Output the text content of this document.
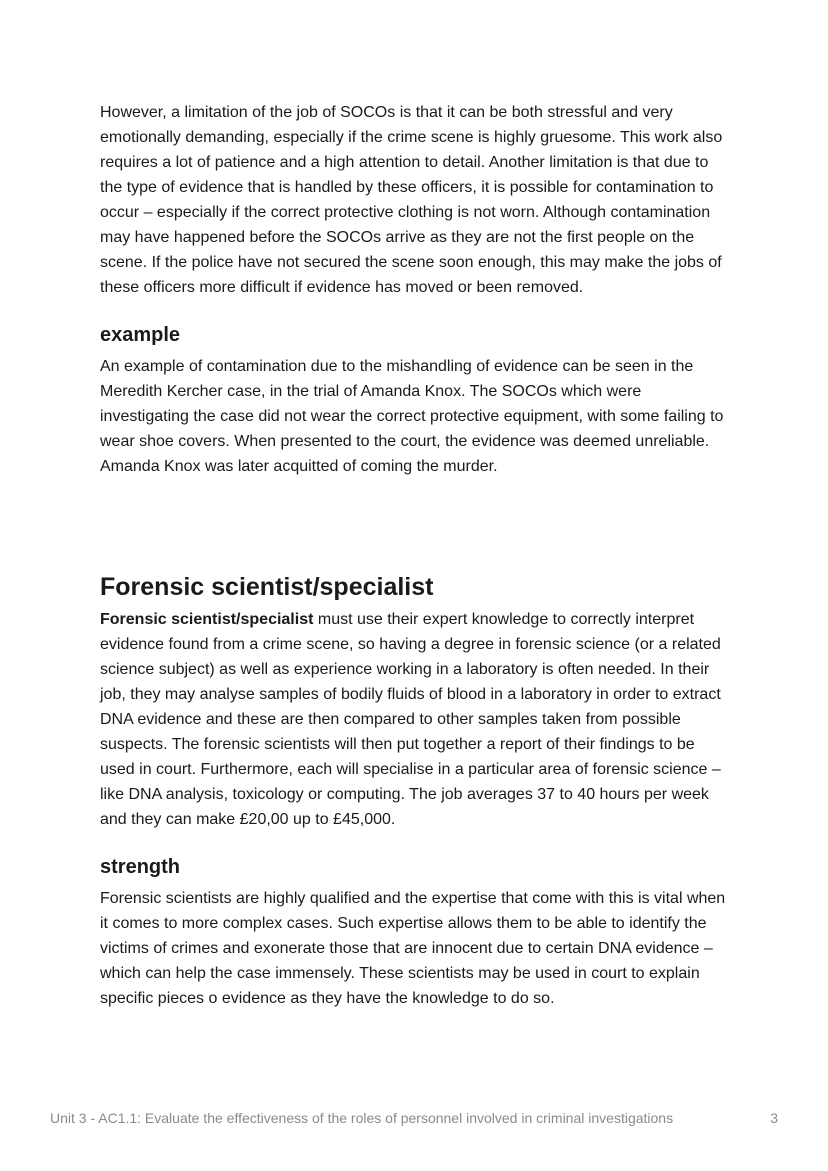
However, a limitation of the job of SOCOs is that it can be both stressful and very emotionally demanding, especially if the crime scene is highly gruesome. This work also requires a lot of patience and a high attention to detail. Another limitation is that due to the type of evidence that is handled by these officers, it is possible for contamination to occur – especially if the correct protective clothing is not worn. Although contamination may have happened before the SOCOs arrive as they are not the first people on the scene. If the police have not secured the scene soon enough, this may make the jobs of these officers more difficult if evidence has moved or been removed.

example

An example of contamination due to the mishandling of evidence can be seen in the Meredith Kercher case, in the trial of Amanda Knox. The SOCOs which were investigating the case did not wear the correct protective equipment, with some failing to wear shoe covers. When presented to the court, the evidence was deemed unreliable. Amanda Knox was later acquitted of coming the murder.

Forensic scientist/specialist

Forensic scientist/specialist must use their expert knowledge to correctly interpret evidence found from a crime scene, so having a degree in forensic science (or a related science subject) as well as experience working in a laboratory is often needed. In their job, they may analyse samples of bodily fluids of blood in a laboratory in order to extract DNA evidence and these are then compared to other samples taken from possible suspects. The forensic scientists will then put together a report of their findings to be used in court. Furthermore, each will specialise in a particular area of forensic science – like DNA analysis, toxicology or computing. The job averages 37 to 40 hours per week and they can make £20,00 up to £45,000.

strength

Forensic scientists are highly qualified and the expertise that come with this is vital when it comes to more complex cases. Such expertise allows them to be able to identify the victims of crimes and exonerate those that are innocent due to certain DNA evidence – which can help the case immensely. These scientists may be used in court to explain specific pieces o evidence as they have the knowledge to do so.

Unit 3 - AC1.1: Evaluate the effectiveness of the roles of personnel involved in criminal investigations	3
